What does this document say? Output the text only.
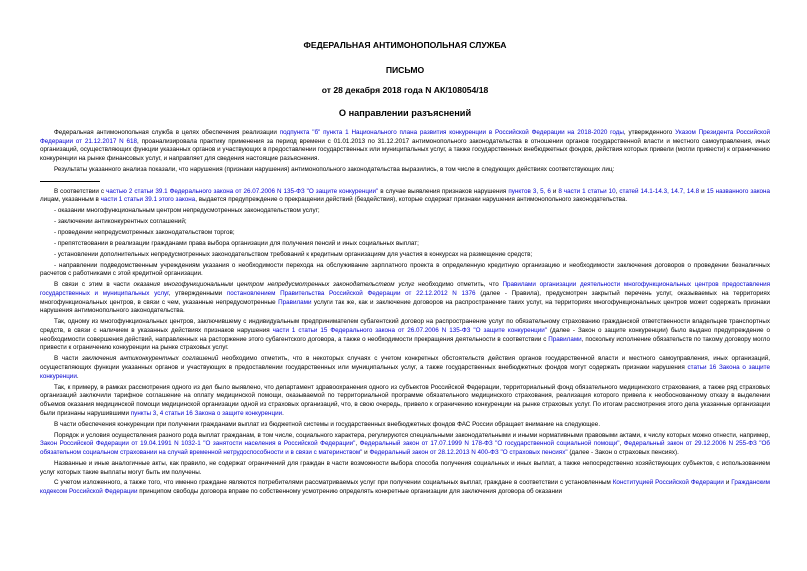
ФЕДЕРАЛЬНАЯ АНТИМОНОПОЛЬНАЯ СЛУЖБА
ПИСЬМО
от 28 декабря 2018 года N АК/108054/18
О направлении разъяснений

Федеральная антимонопольная служба в целях обеспечения реализации подпункта "б" пункта 1 Национального плана развития конкуренции в Российской Федерации на 2018-2020 годы, утвержденного Указом Президента Российской Федерации от 21.12.2017 N 618, проанализировала практику применения за период времени с 01.01.2013 по 31.12.2017 антимонопольного законодательства в отношении органов государственной власти и местного самоуправления, иных организаций, осуществляющих функции указанных органов и участвующих в предоставлении государственных или муниципальных услуг, а также государственных внебюджетных фондов, действия которых привели (могли привести) к ограничению конкуренции на рынке финансовых услуг, и направляет для сведения настоящие разъяснения.

Результаты указанного анализа показали, что нарушения (признаки нарушения) антимонопольного законодательства выразились, в том числе в следующих действиях соответствующих лиц:

В соответствии с частью 2 статьи 39.1 Федерального закона от 26.07.2006 N 135-ФЗ "О защите конкуренции" в случае выявления признаков нарушения пунктов 3, 5, 6 и 8 части 1 статьи 10, статей 14.1-14.3, 14.7, 14.8 и 15 названного закона лицам, указанным в части 1 статьи 39.1 этого закона, выдается предупреждение о прекращении действий (бездействия), которые содержат признаки нарушения антимонопольного законодательства.

- оказании многофункциональным центром непредусмотренных законодательством услуг;

- заключении антиконкурентных соглашений;

- проведении непредусмотренных законодательством торгов;

- препятствовании в реализации гражданами права выбора организации для получения пенсий и иных социальных выплат;

- установлении дополнительных непредусмотренных законодательством требований к кредитным организациям для участия в конкурсах на размещение средств;

- направлении подведомственным учреждениям указания о необходимости перехода на обслуживание зарплатного проекта в определенную кредитную организацию и необходимости заключения договоров о проведении безналичных расчетов с работниками с этой кредитной организации.

В связи с этим в части оказания многофункциональным центром непредусмотренных законодательством услуг необходимо отметить, что Правилами организации деятельности многофункциональных центров предоставления государственных и муниципальных услуг, утвержденными постановлением Правительства Российской Федерации от 22.12.2012 N 1376 (далее - Правила), предусмотрен закрытый перечень услуг, оказываемых на территориях многофункциональных центров, в связи с чем, указанные непредусмотренные Правилами услуги так же, как и заключение договоров на распространение таких услуг, на территориях многофункциональных центров может содержать признаки нарушения антимонопольного законодательства.

Так, одному из многофункциональных центров, заключившему с индивидуальным предпринимателем субагентский договор на распространение услуг по обязательному страхованию гражданской ответственности владельцев транспортных средств, в связи с наличием в указанных действиях признаков нарушения части 1 статьи 15 Федерального закона от 26.07.2006 N 135-ФЗ "О защите конкуренции" (далее - Закон о защите конкуренции) было выдано предупреждение о необходимости совершения действий, направленных на расторжение этого субагентского договора, а также о необходимости прекращения деятельности в соответствии с Правилами, поскольку исполнение обязательств по такому договору могло привести к ограничению конкуренции на рынке страховых услуг.

В части заключения антиконкурентных соглашений необходимо отметить, что в некоторых случаях с учетом конкретных обстоятельств действия органов государственной власти и местного самоуправления, иных организаций, осуществляющих функции указанных органов и участвующих в предоставлении государственных или муниципальных услуг, а также государственных внебюджетных фондов могут содержать признаки нарушения статьи 16 Закона о защите конкуренции.

Так, к примеру, в рамках рассмотрения одного из дел было выявлено, что департамент здравоохранения одного из субъектов Российской Федерации, территориальный фонд обязательного медицинского страхования, а также ряд страховых организаций заключили тарифное соглашение на оплату медицинской помощи, оказываемой по территориальной программе обязательного медицинского страхования, реализация которого привела к необоснованному отказу в выделении объемов оказания медицинской помощи медицинской организации одной из страховых организаций, что, в свою очередь, привело к ограничению конкуренции на рынке страховых услуг. По итогам рассмотрения этого дела указанные организации были признаны нарушившими пункты 3, 4 статьи 16 Закона о защите конкуренции.

В части обеспечения конкуренции при получении гражданами выплат из бюджетной системы и государственных внебюджетных фондов ФАС России обращает внимание на следующее.

Порядок и условия осуществления разного рода выплат гражданам, в том числе, социального характера, регулируются специальными законодательными и иными нормативными правовыми актами, к числу которых можно отнести, например, Закон Российской Федерации от 19.04.1991 N 1032-1 "О занятости населения в Российской Федерации", Федеральный закон от 17.07.1999 N 178-ФЗ "О государственной социальной помощи", Федеральный закон от 29.12.2006 N 255-ФЗ "Об обязательном социальном страховании на случай временной нетрудоспособности и в связи с материнством" и Федеральный закон от 28.12.2013 N 400-ФЗ "О страховых пенсиях" (далее - Закон о страховых пенсиях).

Названные и иные аналогичные акты, как правило, не содержат ограничений для граждан в части возможности выбора способа получения социальных и иных выплат, а также непосредственно хозяйствующих субъектов, с использованием услуг которых такие выплаты могут быть им получены.

С учетом изложенного, а также того, что именно граждане являются потребителями рассматриваемых услуг при получении социальных выплат, граждане в соответствии с установленным Конституцией Российской Федерации и Гражданским кодексом Российской Федерации принципом свободы договора вправе по собственному усмотрению определять конкретные организации для заключения договора об оказании
